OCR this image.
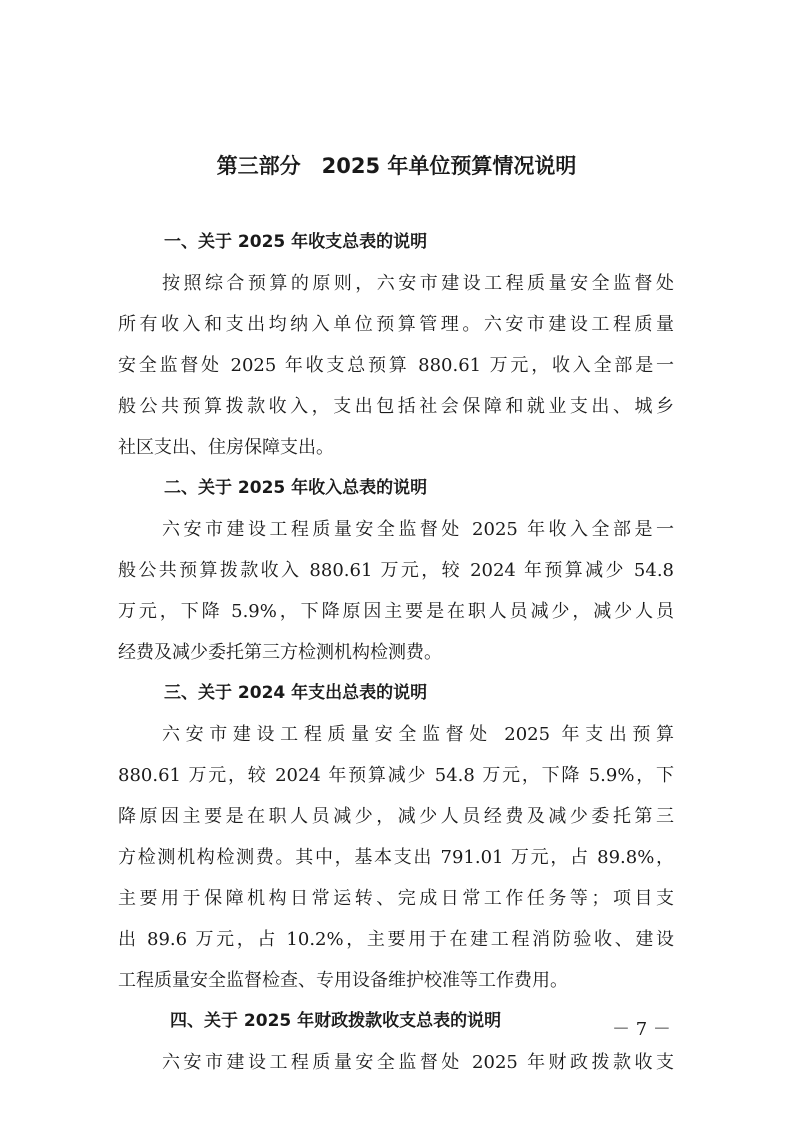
第三部分　2025 年单位预算情况说明
一、关于 2025 年收支总表的说明
按照综合预算的原则，六安市建设工程质量安全监督处
所有收入和支出均纳入单位预算管理。六安市建设工程质量
安全监督处 2025 年收支总预算 880.61 万元，收入全部是一
般公共预算拨款收入，支出包括社会保障和就业支出、城乡
社区支出、住房保障支出。
二、关于 2025 年收入总表的说明
六安市建设工程质量安全监督处 2025 年收入全部是一
般公共预算拨款收入 880.61 万元，较 2024 年预算减少 54.8
万元，下降 5.9%，下降原因主要是在职人员减少，减少人员
经费及减少委托第三方检测机构检测费。
三、关于 2024 年支出总表的说明
六安市建设工程质量安全监督处 2025 年支出预算
880.61 万元，较 2024 年预算减少 54.8 万元，下降 5.9%，下
降原因主要是在职人员减少，减少人员经费及减少委托第三
方检测机构检测费。其中，基本支出 791.01 万元，占 89.8%，
主要用于保障机构日常运转、完成日常工作任务等；项目支
出 89.6 万元，占 10.2%，主要用于在建工程消防验收、建设
工程质量安全监督检查、专用设备维护校准等工作费用。
四、关于 2025 年财政拨款收支总表的说明
六安市建设工程质量安全监督处 2025 年财政拨款收支
－ 7 －
